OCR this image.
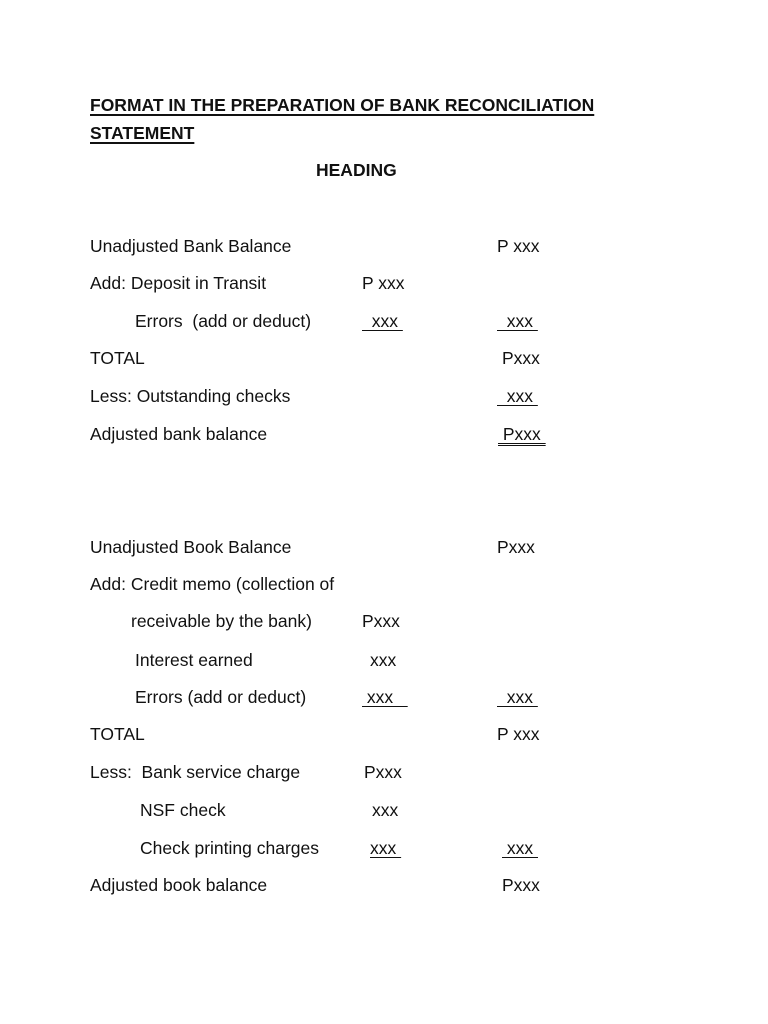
FORMAT IN THE PREPARATION OF BANK RECONCILIATION
STATEMENT
HEADING
Unadjusted Bank Balance	P xxx
Add: Deposit in Transit	P xxx
Errors  (add or deduct)	xxx	xxx
TOTAL	Pxxx
Less: Outstanding checks	xxx
Adjusted bank balance	Pxxx
Unadjusted Book Balance	Pxxx
Add: Credit memo (collection of
receivable by the bank)	Pxxx
Interest earned	xxx
Errors (add or deduct)	xxx	xxx
TOTAL	P xxx
Less:  Bank service charge	Pxxx
NSF check	xxx
Check printing charges	xxx	xxx
Adjusted book balance	Pxxx
